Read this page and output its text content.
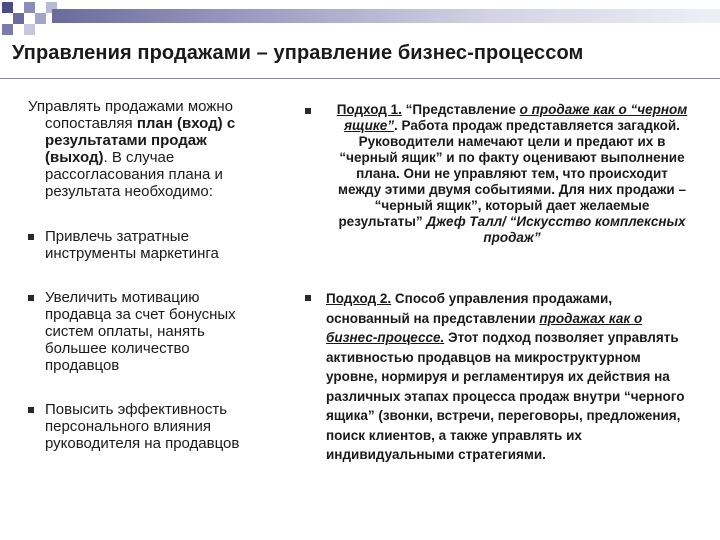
Управления продажами – управление бизнес-процессом
Управлять продажами можно
сопоставляя план (вход) с результатами продаж (выход). В случае рассогласования плана и результата необходимо:
Привлечь затратные инструменты маркетинга
Увеличить мотивацию продавца за счет бонусных систем оплаты, нанять большее количество продавцов
Повысить эффективность персонального влияния руководителя на продавцов
Подход 1. “Представление о продаже как о “черном ящике”. Работа продаж представляется загадкой. Руководители намечают цели и предают их в “черный ящик” и по факту оценивают выполнение плана. Они не управляют тем, что происходит между этими двумя событиями. Для них продажи – “черный ящик”, который дает желаемые результаты” Джеф Талл/ “Искусство комплексных продаж”
Подход 2. Способ управления продажами, основанный на представлении продажах как о бизнес-процессе. Этот подход позволяет управлять активностью продавцов на микроструктурном уровне, нормируя и регламентируя их действия на различных этапах процесса продаж внутри “черного ящика” (звонки, встречи, переговоры, предложения, поиск клиентов, а также управлять их индивидуальными стратегиями.
